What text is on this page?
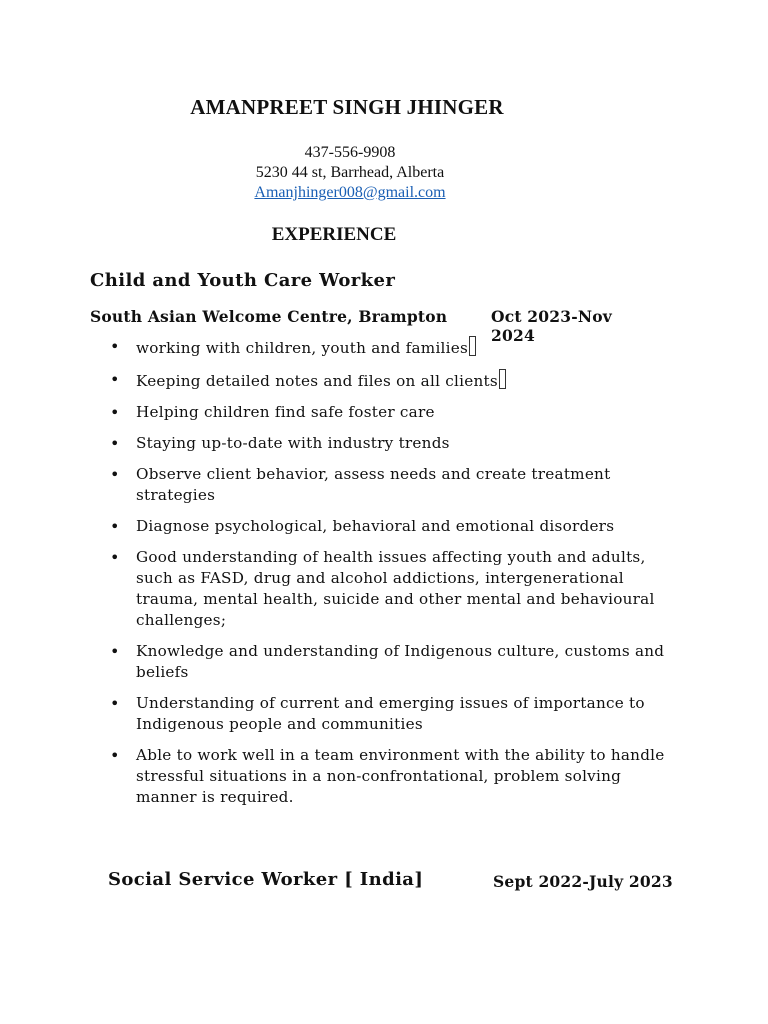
AMANPREET SINGH JHINGER
437-556-9908
5230 44 st, Barrhead, Alberta
Amanjhinger008@gmail.com
EXPERIENCE
Child and Youth Care Worker
South Asian Welcome Centre, Brampton	Oct 2023-Nov 2024
• working with children, youth and families
• Keeping detailed notes and files on all clients
• Helping children find safe foster care
• Staying up-to-date with industry trends
• Observe client behavior, assess needs and create treatment strategies
• Diagnose psychological, behavioral and emotional disorders
• Good understanding of health issues affecting youth and adults, such as FASD, drug and alcohol addictions, intergenerational trauma, mental health, suicide and other mental and behavioural challenges;
• Knowledge and understanding of Indigenous culture, customs and beliefs
• Understanding of current and emerging issues of importance to Indigenous people and communities
• Able to work well in a team environment with the ability to handle stressful situations in a non-confrontational, problem solving manner is required.
Social Service Worker [ India]	Sept 2022-July 2023
